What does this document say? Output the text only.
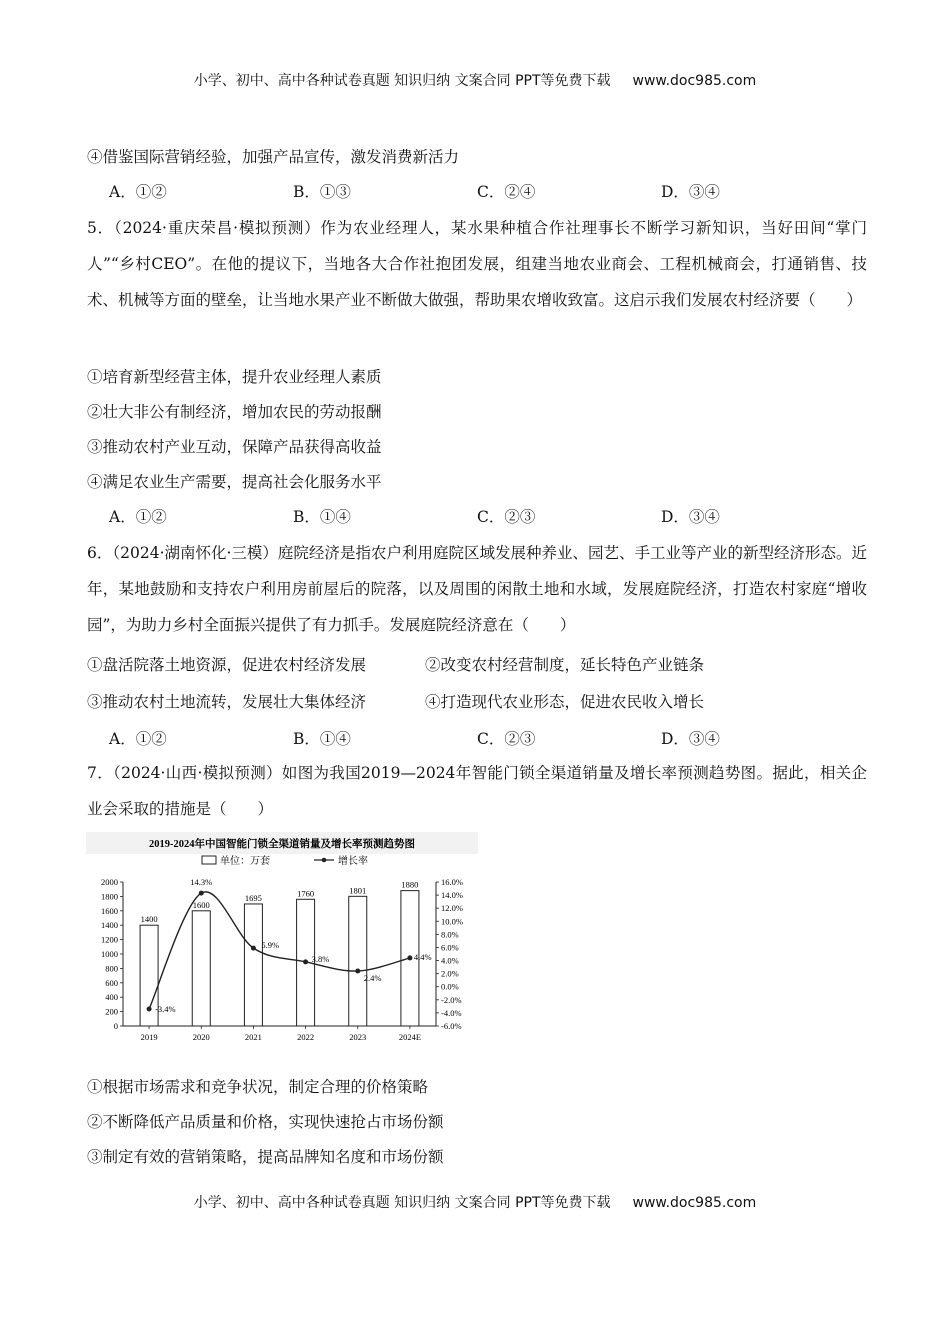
小学、初中、高中各种试卷真题 知识归纳 文案合同 PPT等免费下载 www.doc985.com
④借鉴国际营销经验，加强产品宣传，激发消费新活力
A．①②	B．①③	C．②④	D．③④
5．（2024·重庆荣昌·模拟预测）作为农业经理人，某水果种植合作社理事长不断学习新知识，当好田间“掌门人”“乡村CEO”。在他的提议下，当地各大合作社抱团发展，组建当地农业商会、工程机械商会，打通销售、技术、机械等方面的壁垒，让当地水果产业不断做大做强，帮助果农增收致富。这启示我们发展农村经济要（　　）
①培育新型经营主体，提升农业经理人素质
②壮大非公有制经济，增加农民的劳动报酬
③推动农村产业互动，保障产品获得高收益
④满足农业生产需要，提高社会化服务水平
A．①②	B．①④	C．②③	D．③④
6．（2024·湖南怀化·三模）庭院经济是指农户利用庭院区域发展种养业、园艺、手工业等产业的新型经济形态。近年，某地鼓励和支持农户利用房前屋后的院落，以及周围的闲散土地和水域，发展庭院经济，打造农村家庭“增收园”，为助力乡村全面振兴提供了有力抓手。发展庭院经济意在（　　）
①盘活院落土地资源，促进农村经济发展	②改变农村经营制度，延长特色产业链条
③推动农村土地流转，发展壮大集体经济	④打造现代农业形态，促进农民收入增长
A．①②	B．①④	C．②③	D．③④
7．（2024·山西·模拟预测）如图为我国2019—2024年智能门锁全渠道销量及增长率预测趋势图。据此，相关企业会采取的措施是（　　）
①根据市场需求和竞争状况，制定合理的价格策略
②不断降低产品质量和价格，实现快速抢占市场份额
③制定有效的营销策略，提高品牌知名度和市场份额
2019-2024年中国智能门锁全渠道销量及增长率预测趋势图
单位：万套	增长率
0
200
400
600
800
1000
1200
1400
1600
1800
2000
-6.0%
-4.0%
-2.0%
0.0%
2.0%
4.0%
6.0%
8.0%
10.0%
12.0%
14.0%
16.0%
1400
2019
1600
2020
1695
2021
1760
2022
1801
2023
1880
2024E
-3.4%
14.3%
5.9%
3.8%
2.4%
4.4%
小学、初中、高中各种试卷真题 知识归纳 文案合同 PPT等免费下载 www.doc985.com
